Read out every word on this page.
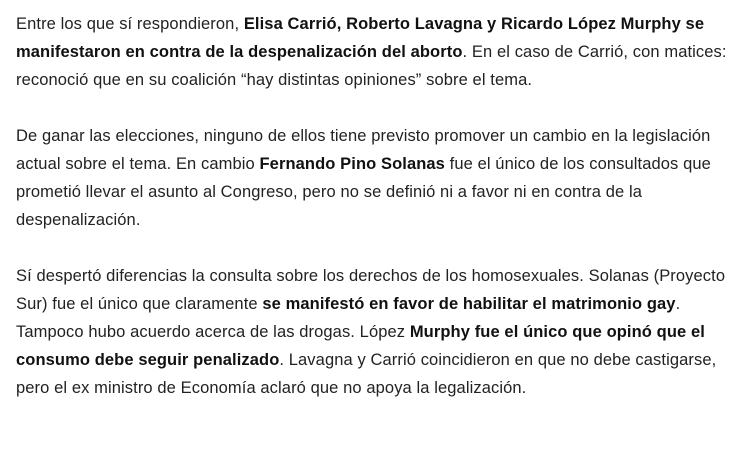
Entre los que sí respondieron, Elisa Carrió, Roberto Lavagna y Ricardo López Murphy se manifestaron en contra de la despenalización del aborto. En el caso de Carrió, con matices: reconoció que en su coalición “hay distintas opiniones” sobre el tema.

De ganar las elecciones, ninguno de ellos tiene previsto promover un cambio en la legislación actual sobre el tema. En cambio Fernando Pino Solanas fue el único de los consultados que prometió llevar el asunto al Congreso, pero no se definió ni a favor ni en contra de la despenalización.

Sí despertó diferencias la consulta sobre los derechos de los homosexuales. Solanas (Proyecto Sur) fue el único que claramente se manifestó en favor de habilitar el matrimonio gay. Tampoco hubo acuerdo acerca de las drogas. López Murphy fue el único que opinó que el consumo debe seguir penalizado. Lavagna y Carrió coincidieron en que no debe castigarse, pero el ex ministro de Economía aclaró que no apoya la legalización.
